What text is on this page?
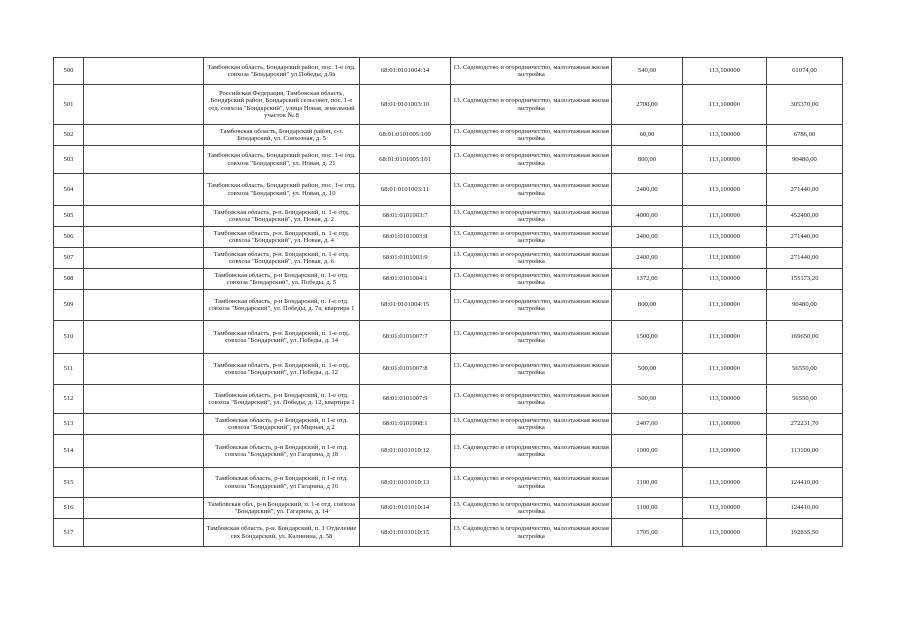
500		Тамбовская область, Бондарский район, пос. 1-е отд. совхоза "Бондарский" ул.Победы, д.9а	68:01:0101004:14	13. Садоводство и огородничество, малоэтажная жилая застройка	540,00	113,100000	61074,00
501		Российская Федерация, Тамбовская область, Бондарский район, Бондарский сельсовет, пос. 1-е отд. совхоза "Бондарский", улица Новая, земельный участок № 8	68:01:0101003:10	13. Садоводство и огородничество, малоэтажная жилая застройка	2700,00	113,100000	305370,00
502		Тамбовская область, Бондарский район, с-з. Бондарский, ул. Совхозная, д. 5	68:01:0101005:100	13. Садоводство и огородничество, малоэтажная жилая застройка	60,00	113,100000	6786,00
503		Тамбовская область, Бондарский район, пос. 1-е отд. совхоза "Бондарский", ул. Новая, д. 21	68:01:0101005:101	13. Садоводство и огородничество, малоэтажная жилая застройка	800,00	113,100000	90480,00
504		Тамбовская область, Бондарский район, пос. 1-е отд. совхоза "Бондарский", ул. Новая, д. 10	68:01:0101003:11	13. Садоводство и огородничество, малоэтажная жилая застройка	2400,00	113,100000	271440,00
505		Тамбовская область, р-н. Бондарский, п. 1-е отд. совхоза "Бондарский", ул. Новая, д. 2	68:01:0101003:7	13. Садоводство и огородничество, малоэтажная жилая застройка	4000,00	113,100000	452400,00
506		Тамбовская область, р-н. Бондарский, п. 1-е отд. совхоза "Бондарский", ул. Новая, д. 4	68:01:0101003:8	13. Садоводство и огородничество, малоэтажная жилая застройка	2400,00	113,100000	271440,00
507		Тамбовская область, р-н. Бондарский, п. 1-е отд. совхоза "Бондарский", ул. Новая, д. 6	68:01:0101003:9	13. Садоводство и огородничество, малоэтажная жилая застройка	2400,00	113,100000	271440,00
508		Тамбовская область, р-н Бондарский, п. 1-е отд. совхоза "Бондарский", ул. Победы, д. 5	68:01:0101004:1	13. Садоводство и огородничество, малоэтажная жилая застройка	1372,00	113,100000	155173,20
509		Тамбовская область, р-н Бондарский, п. 1-е отд. совхоза "Бондарский", ул. Победы, д. 7а, квартира 1	68:01:0101004:15	13. Садоводство и огородничество, малоэтажная жилая застройка	800,00	113,100000	90480,00
510		Тамбовская область, р-н. Бондарский, п. 1-е отд. совхоза "Бондарский", ул. Победы, д. 14	68:01:0101007:7	13. Садоводство и огородничество, малоэтажная жилая застройка	1500,00	113,100000	169650,00
511		Тамбовская область, р-н. Бондарский, п. 1-е отд. совхоза "Бондарский", ул. Победы, д. 12	68:01:0101007:8	13. Садоводство и огородничество, малоэтажная жилая застройка	500,00	113,100000	56550,00
512		Тамбовская область, р-н Бондарский, п. 1-е отд. совхоза "Бондарский", ул. Победы, д. 12, квартира 1	68:01:0101007:9	13. Садоводство и огородничество, малоэтажная жилая застройка	500,00	113,100000	56550,00
513		Тамбовская область, р-н Бондарский, п 1-е отд. совхоза "Бондарский", ул Мирная, д 2	68:01:0101008:1	13. Садоводство и огородничество, малоэтажная жилая застройка	2407,00	113,100000	272231,70
514		Тамбовская область, р-н Бондарский, п 1-е отд. совхоза "Бондарский", ул Гагарина, д 18	68:01:0101010:12	13. Садоводство и огородничество, малоэтажная жилая застройка	1000,00	113,100000	113100,00
515		Тамбовская область, р-н Бондарский, п 1-е отд. совхоза "Бондарский", ул Гагарина, д 16	68:01:0101010:13	13. Садоводство и огородничество, малоэтажная жилая застройка	1100,00	113,100000	124410,00
516		Тамбовская обл., р-н Бондарский, п. 1-е отд. совхоза "Бондарский", ул. Гагарина, д. 14	68:01:0101010:14	13. Садоводство и огородничество, малоэтажная жилая застройка	1100,00	113,100000	124410,00
517		Тамбовская область, р-н. Бондарский, п. 1 Отделение свх Бондарский, ул. Калинина, д. 58	68:01:0101010:15	13. Садоводство и огородничество, малоэтажная жилая застройка	1705,00	113,100000	192835,50
